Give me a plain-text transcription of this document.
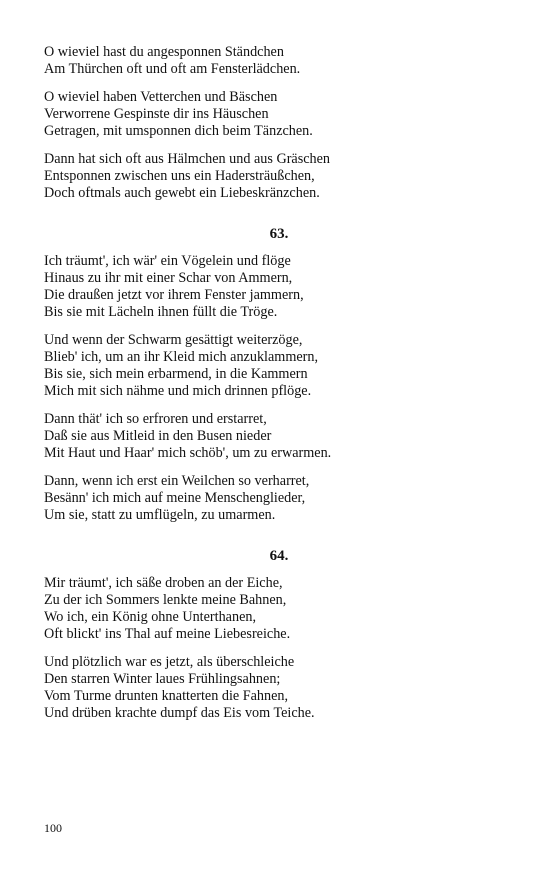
O wieviel hast du angesponnen Ständchen
Am Thürchen oft und oft am Fensterlädchen.
O wieviel haben Vetterchen und Bäschen
Verworrene Gespinste dir ins Häuschen
Getragen, mit umsponnen dich beim Tänzchen.
Dann hat sich oft aus Hälmchen und aus Gräschen
Entsponnen zwischen uns ein Hadersträußchen,
Doch oftmals auch gewebt ein Liebeskränzchen.
63.
Ich träumt', ich wär' ein Vögelein und flöge
Hinaus zu ihr mit einer Schar von Ammern,
Die draußen jetzt vor ihrem Fenster jammern,
Bis sie mit Lächeln ihnen füllt die Tröge.
Und wenn der Schwarm gesättigt weiterzöge,
Blieb' ich, um an ihr Kleid mich anzuklammern,
Bis sie, sich mein erbarmend, in die Kammern
Mich mit sich nähme und mich drinnen pflöge.
Dann thät' ich so erfroren und erstarret,
Daß sie aus Mitleid in den Busen nieder
Mit Haut und Haar' mich schöb', um zu erwarmen.
Dann, wenn ich erst ein Weilchen so verharret,
Besänn' ich mich auf meine Menschenglieder,
Um sie, statt zu umflügeln, zu umarmen.
64.
Mir träumt', ich säße droben an der Eiche,
Zu der ich Sommers lenkte meine Bahnen,
Wo ich, ein König ohne Unterthanen,
Oft blickt' ins Thal auf meine Liebesreiche.
Und plötzlich war es jetzt, als überschleiche
Den starren Winter laues Frühlingsahnen;
Vom Turme drunten knatterten die Fahnen,
Und drüben krachte dumpf das Eis vom Teiche.
100
